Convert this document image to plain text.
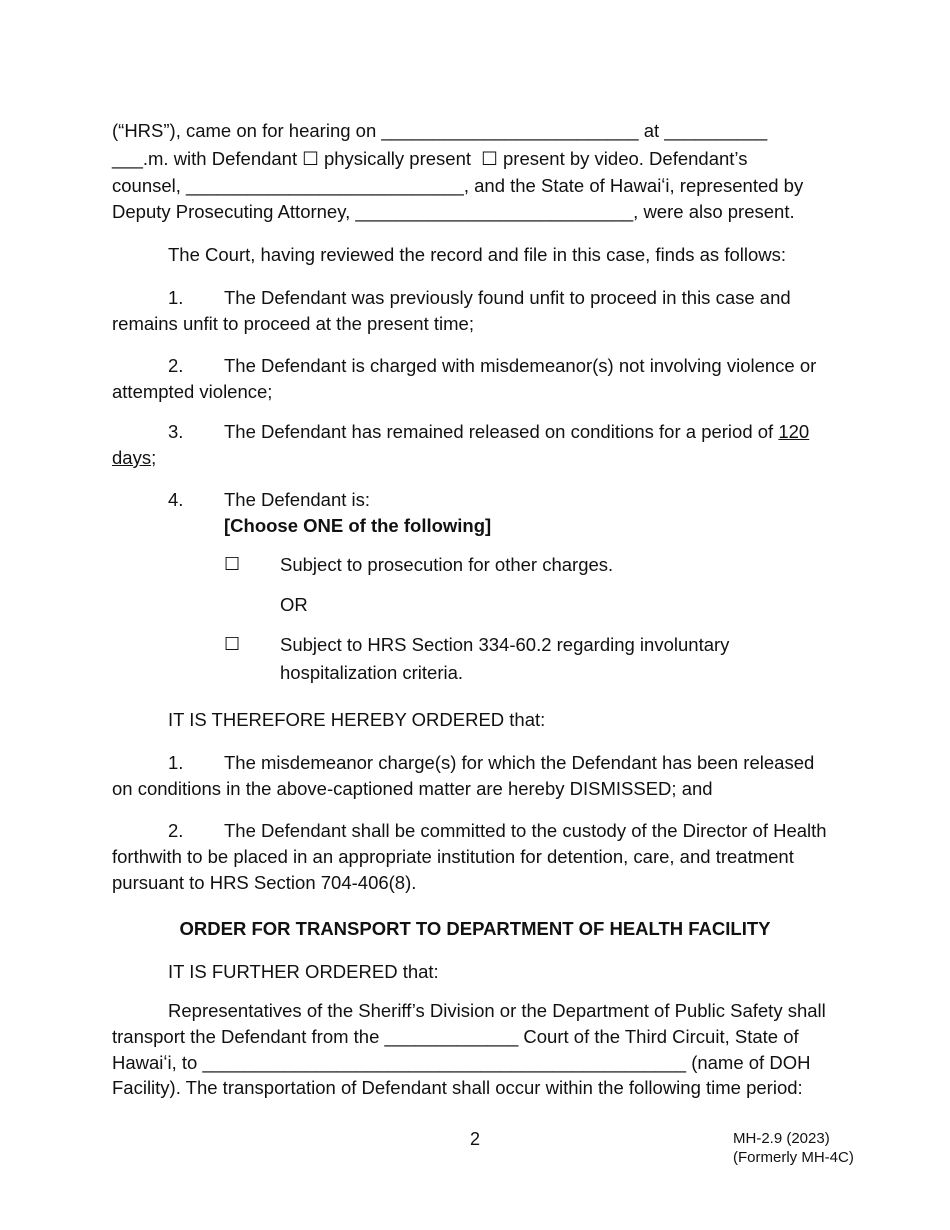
(“HRS”), came on for hearing on _________________________ at __________
___.m. with Defendant ☐ physically present  ☐ present by video. Defendant’s
counsel, ___________________________, and the State of Hawaiʻi, represented by
Deputy Prosecuting Attorney, ___________________________, were also present.
The Court, having reviewed the record and file in this case, finds as follows:
1. The Defendant was previously found unfit to proceed in this case and
remains unfit to proceed at the present time;
2. The Defendant is charged with misdemeanor(s) not involving violence or
attempted violence;
3. The Defendant has remained released on conditions for a period of 120
days;
4. The Defendant is:
[Choose ONE of the following]
☐ Subject to prosecution for other charges.
OR
☐ Subject to HRS Section 334-60.2 regarding involuntary
hospitalization criteria.
IT IS THEREFORE HEREBY ORDERED that:
1. The misdemeanor charge(s) for which the Defendant has been released
on conditions in the above-captioned matter are hereby DISMISSED; and
2. The Defendant shall be committed to the custody of the Director of Health
forthwith to be placed in an appropriate institution for detention, care, and treatment
pursuant to HRS Section 704-406(8).
ORDER FOR TRANSPORT TO DEPARTMENT OF HEALTH FACILITY
IT IS FURTHER ORDERED that:
Representatives of the Sheriff’s Division or the Department of Public Safety shall
transport the Defendant from the _____________ Court of the Third Circuit, State of
Hawaiʻi, to _______________________________________________ (name of DOH
Facility). The transportation of Defendant shall occur within the following time period:
2	MH-2.9 (2023)
(Formerly MH-4C)
